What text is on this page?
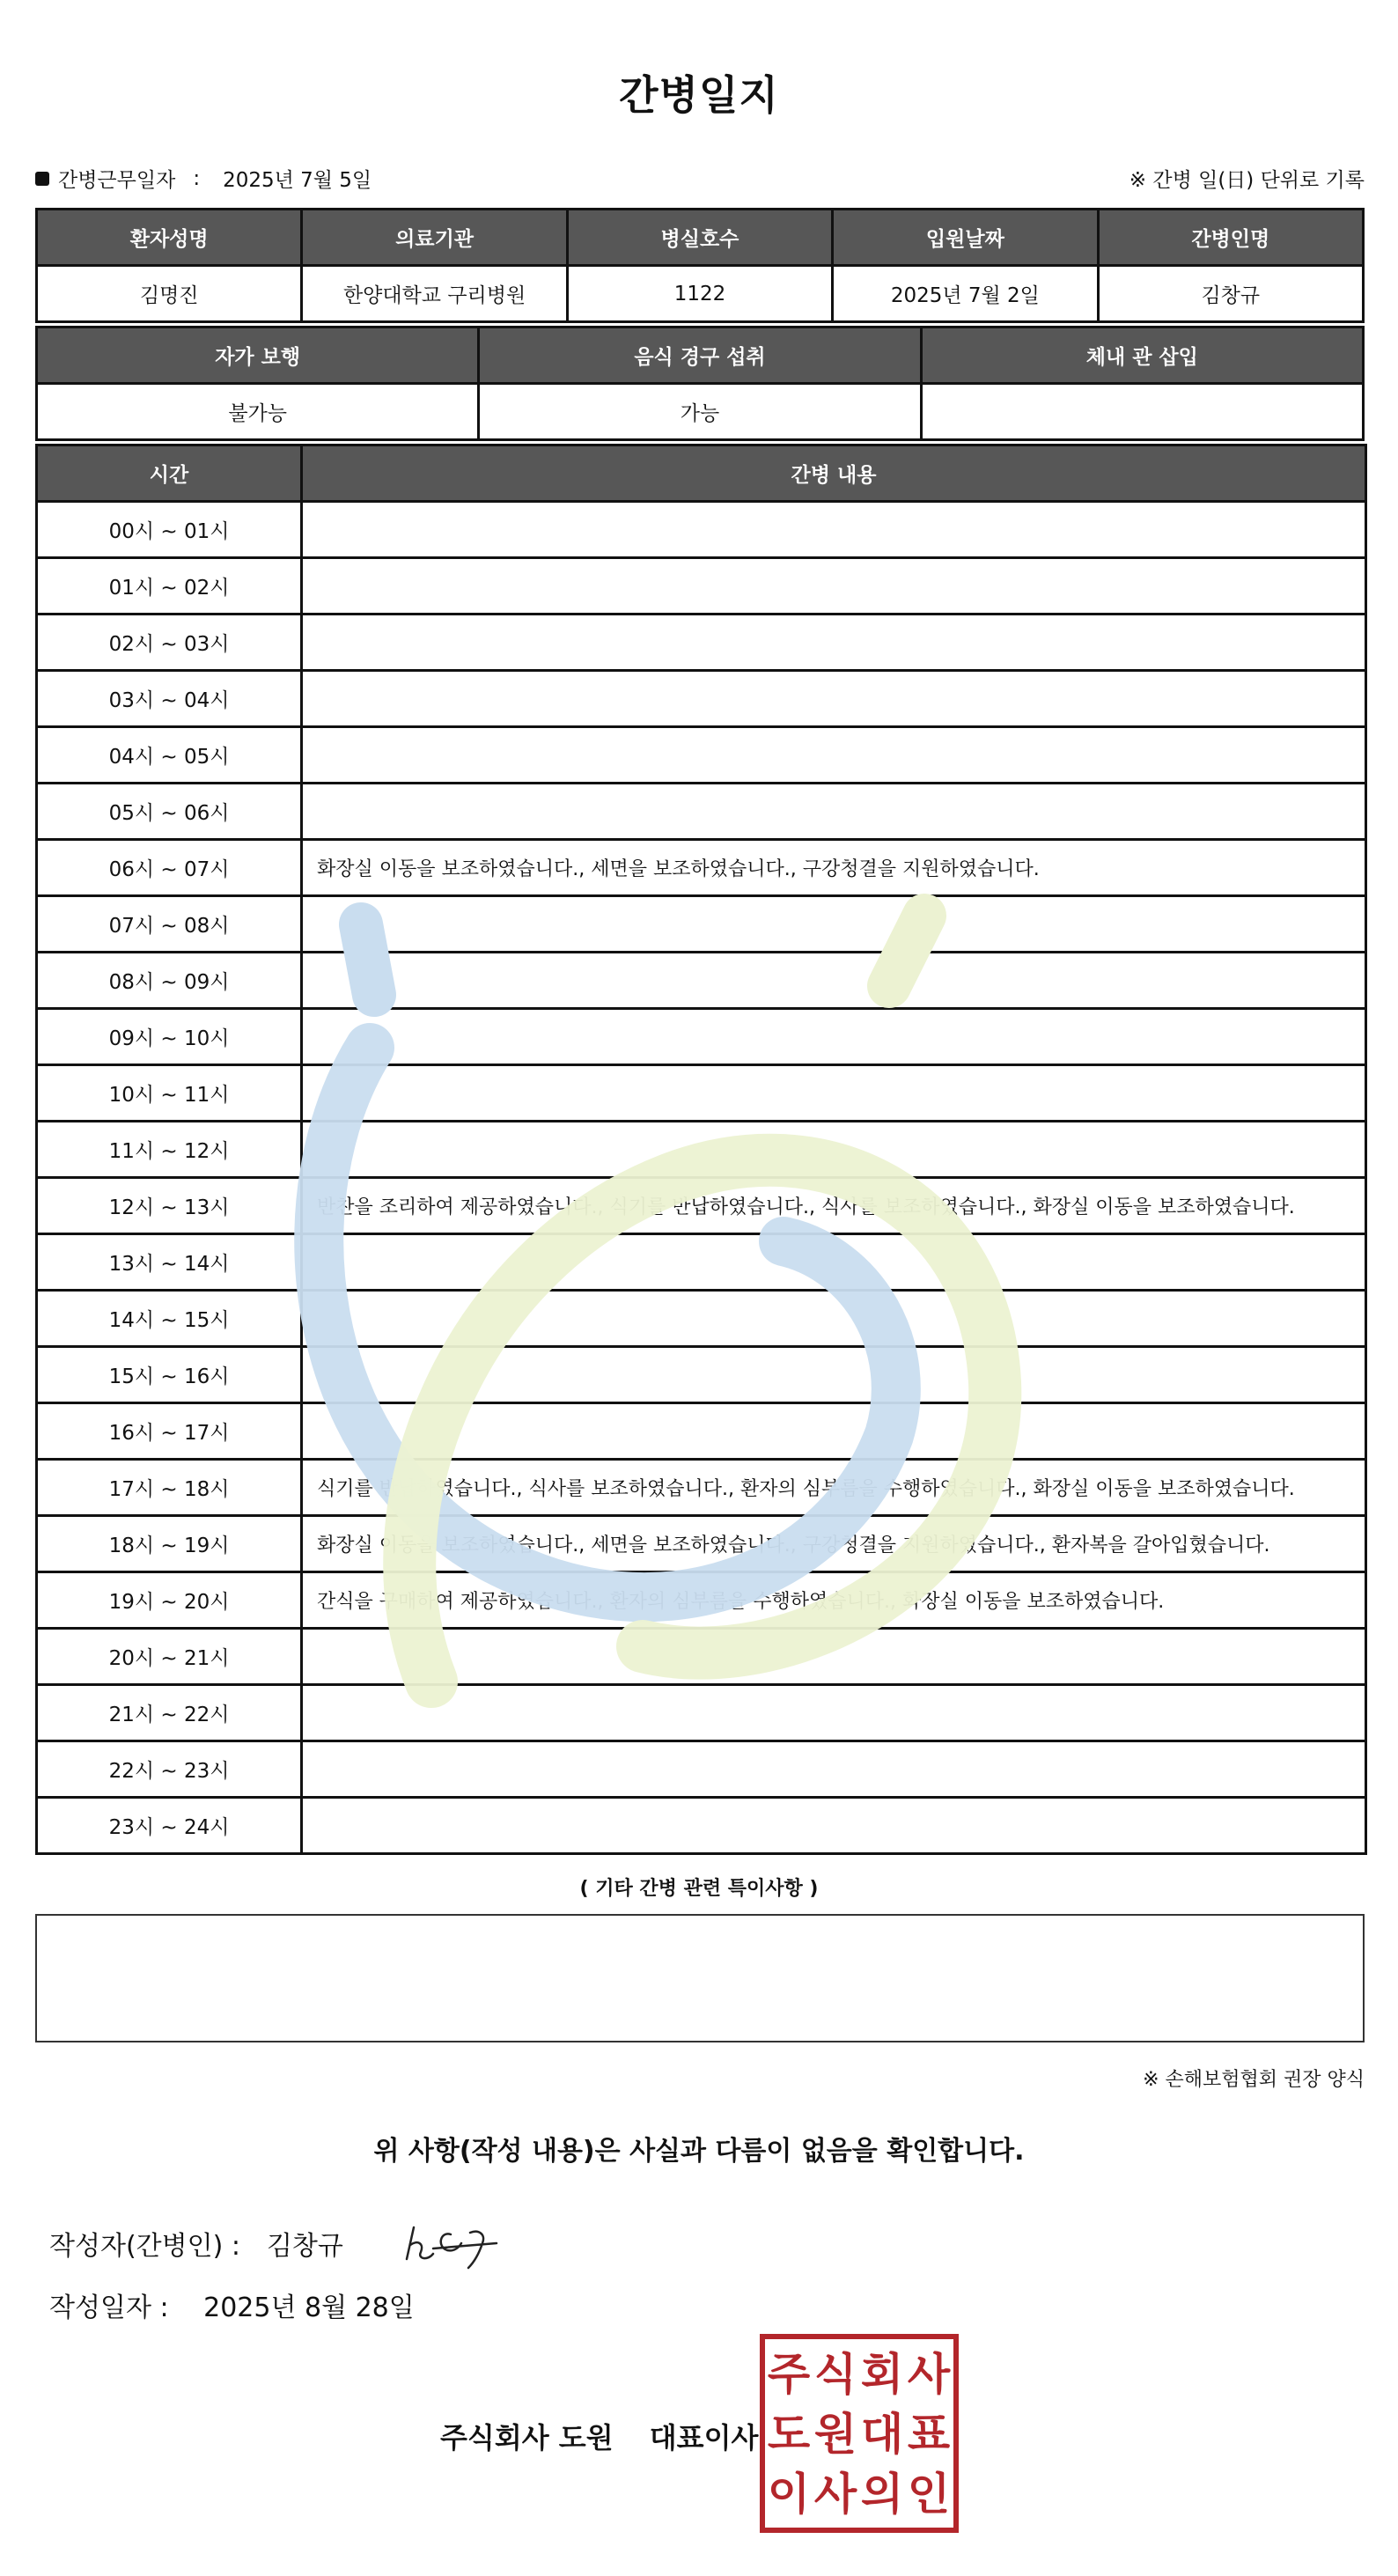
간병일지
간병근무일자 : 2025년 7월 5일	※ 간병 일(日) 단위로 기록
환자성명	의료기관	병실호수	입원날짜	간병인명
김명진	한양대학교 구리병원	1122	2025년 7월 2일	김창규
자가 보행	음식 경구 섭취	체내 관 삽입
불가능	가능	
시간	간병 내용
00시 ~ 01시	
01시 ~ 02시	
02시 ~ 03시	
03시 ~ 04시	
04시 ~ 05시	
05시 ~ 06시	
06시 ~ 07시	화장실 이동을 보조하였습니다., 세면을 보조하였습니다., 구강청결을 지원하였습니다.
07시 ~ 08시	
08시 ~ 09시	
09시 ~ 10시	
10시 ~ 11시	
11시 ~ 12시	
12시 ~ 13시	반찬을 조리하여 제공하였습니다., 식기를 반납하였습니다., 식사를 보조하였습니다., 화장실 이동을 보조하였습니다.
13시 ~ 14시	
14시 ~ 15시	
15시 ~ 16시	
16시 ~ 17시	
17시 ~ 18시	식기를 반납하였습니다., 식사를 보조하였습니다., 환자의 심부름을 수행하였습니다., 화장실 이동을 보조하였습니다.
18시 ~ 19시	화장실 이동을 보조하였습니다., 세면을 보조하였습니다., 구강청결을 지원하였습니다., 환자복을 갈아입혔습니다.
19시 ~ 20시	간식을 구매하여 제공하였습니다., 환자의 심부름을 수행하였습니다., 화장실 이동을 보조하였습니다.
20시 ~ 21시	
21시 ~ 22시	
22시 ~ 23시	
23시 ~ 24시	
( 기타 간병 관련 특이사항 )
※ 손해보험협회 권장 양식
위 사항(작성 내용)은 사실과 다름이 없음을 확인합니다.
작성자(간병인) : 김창규
작성일자 : 2025년 8월 28일
주식회사 도원 대표이사
주 식 회 사
도 원 대 표
이 사 의 인
